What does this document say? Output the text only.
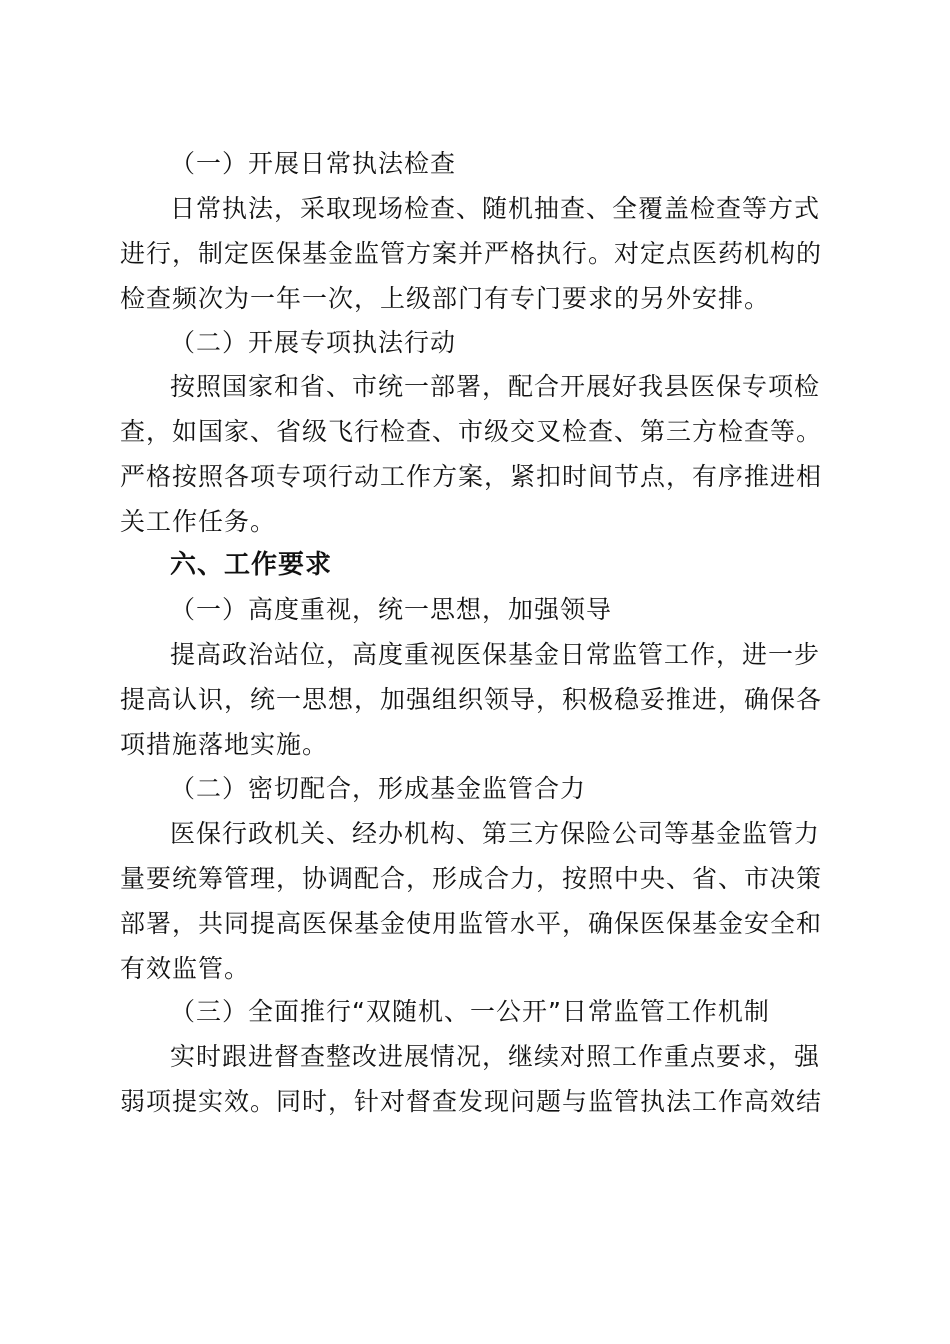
（一）开展日常执法检查
日常执法，采取现场检查、随机抽查、全覆盖检查等方式
进行，制定医保基金监管方案并严格执行。对定点医药机构的
检查频次为一年一次，上级部门有专门要求的另外安排。
（二）开展专项执法行动
按照国家和省、市统一部署，配合开展好我县医保专项检
查，如国家、省级飞行检查、市级交叉检查、第三方检查等。
严格按照各项专项行动工作方案，紧扣时间节点，有序推进相
关工作任务。
六、工作要求
（一）高度重视，统一思想，加强领导
提高政治站位，高度重视医保基金日常监管工作，进一步
提高认识，统一思想，加强组织领导，积极稳妥推进，确保各
项措施落地实施。
（二）密切配合，形成基金监管合力
医保行政机关、经办机构、第三方保险公司等基金监管力
量要统筹管理，协调配合，形成合力，按照中央、省、市决策
部署，共同提高医保基金使用监管水平，确保医保基金安全和
有效监管。
（三）全面推行“双随机、一公开”日常监管工作机制
实时跟进督查整改进展情况，继续对照工作重点要求，强
弱项提实效。同时，针对督查发现问题与监管执法工作高效结
